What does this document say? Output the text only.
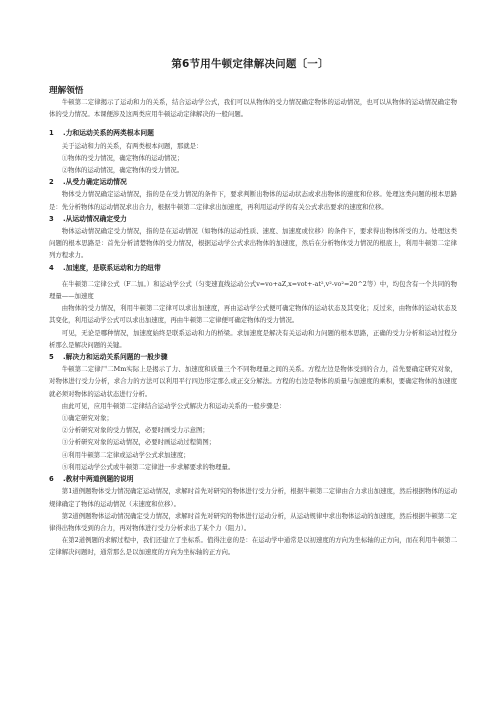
第6节用牛顿定律解决问题〔一〕
理解领悟

牛顿第二定律揭示了运动和力的关系，结合运动学公式，我们可以从物体的受力情况确定物体的运动情况，也可以从物体的运动情况确定物体的受力情况。本课便涉及这两类应用牛顿运动定律解决的一般问题。

1 .力和运动关系的两类根本问题

关于运动和力的关系，有两类根本问题，那就是：

①物体的受力情况，确定物体的运动情况；

②物体的运动情况，确定物体的受力情况。

2 .从受力确定运动情况

物体受力情况确定运动情况，指的是在受力情况的条件下，要求判断出物体的运动状态或求出物体的速度和位移。处理这类问题的根本思路是：先分析物体的运动情况求出合力，根据牛顿第二定律求出加速度，再利用运动学的有关公式求出要求的速度和位移。

3 .从运动情况确定受力

物体运动情况确定受力情况，指的是在运动情况（如物体的运动性质、速度、加速度或位移）的条件下，要求得出物体所受的力。处理这类问题的根本思路是：首先分析清楚物体的受力情况，根据运动学公式求出物体的加速度，然后在分析物体受力情况的根底上，利用牛顿第二定律列方程求力。

4 .加速度，是联系运动和力的纽带

在牛顿第二定律公式（F二加。）和运动学公式（匀变速直线运动公式v=vo+aZ,x=vot+-at²,v²-vo²=20^2等）中，均包含有一个共同的物理量——加速度

由物体的受力情况，利用牛顿第二定律可以求出加速度，再由运动学公式便可确定物体的运动状态及其变化；反过来，由物体的运动状态及其变化，利用运动学公式可以求出加速度，再由牛顿第二定律便可确定物体的受力情况。

可见，无论是哪种情况，加速度始终是联系运动和力的桥梁。求加速度是解决有关运动和力问题的根本思路，正确的受力分析和运动过程分析那么是解决问题的关键。

5 .解决力和运动关系问题的一般步骤

牛顿第二定律尸二Mm实际上是揭示了力、加速度和质量三个不同物理量之间的关系。方程左边是物体受到的合力，首先要确定研究对象，对物体进行受力分析，求合力的方法可以利用平行四边形定那么或正交分解法。方程的右边是物体的质量与加速度的乘积，要确定物体的加速度就必须对物体的运动状态进行分析。

由此可见，应用牛顿第二定律结合运动学公式解决力和运动关系的一般步骤是：

①确定研究对象；

②分析研究对象的受力情况，必要时画受力示意图；

③分析研究对象的运动情况，必要时画运动过程简图；

④利用牛顿第二定律或运动学公式求加速度；

⑤利用运动学公式或牛顿第二定律进一步求解要求的物理量。

6 .教材中两道例题的说明

第1道例题物体受力情况确定运动情况，求解时首先对研究的物体进行受力分析，根据牛顿第二定律由合力求出加速度，然后根据物体的运动规律确定了物体的运动情况（末速度和位移）。

第2道例题物体运动情况确定受力情况，求解时首先对研究的物体进行运动分析，从运动规律中求出物体运动的加速度，然后根据牛顿第二定律得出物体受到的合力，再对物体进行受力分析求出了某个力（阻力）。

在第2道例题的求解过程中，我们还建立了坐标系。值得注意的是：在运动学中通常是以初速度的方向为坐标轴的正方向，而在利用牛顿第二定律解决问题时，通常那么是以加速度的方向为坐标轴的正方向。
